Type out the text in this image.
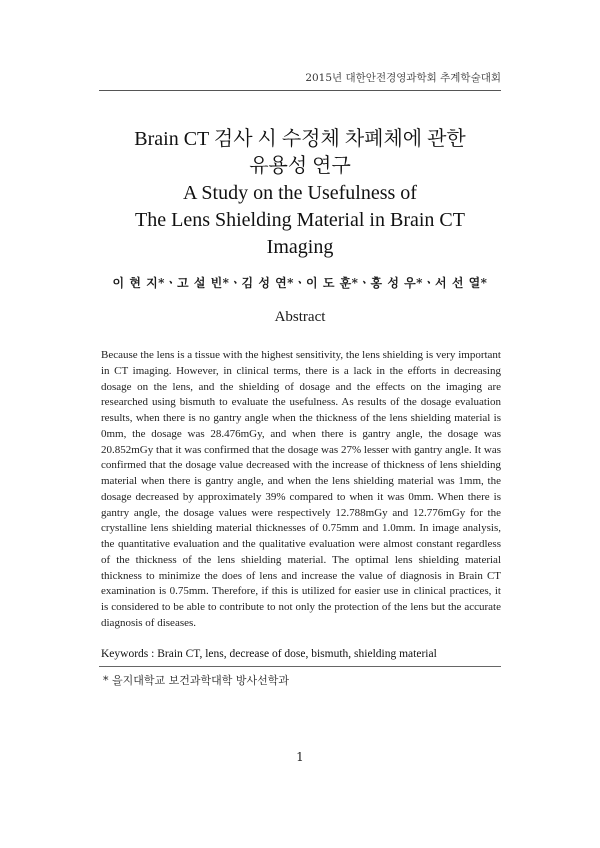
2015년 대한안전경영과학회 추계학술대회
Brain CT 검사 시 수정체 차폐체에 관한
유용성 연구
A Study on the Usefulness of
The Lens Shielding Material in Brain CT
Imaging
이 현 지*ㆍ고 설 빈*ㆍ김 성 연*ㆍ이 도 훈*ㆍ홍 성 우*ㆍ서 선 열*
Abstract
Because the lens is a tissue with the highest sensitivity, the lens shielding is very important in CT imaging. However, in clinical terms, there is a lack in the efforts in decreasing dosage on the lens, and the shielding of dosage and the effects on the imaging are researched using bismuth to evaluate the usefulness. As results of the dosage evaluation results, when there is no gantry angle when the thickness of the lens shielding material is 0mm, the dosage was 28.476mGy, and when there is gantry angle, the dosage was 20.852mGy that it was confirmed that the dosage was 27% lesser with gantry angle. It was confirmed that the dosage value decreased with the increase of thickness of lens shielding material when there is gantry angle, and when the lens shielding material was 1mm, the dosage decreased by approximately 39% compared to when it was 0mm. When there is gantry angle, the dosage values were respectively 12.788mGy and 12.776mGy for the crystalline lens shielding material thicknesses of 0.75mm and 1.0mm. In image analysis, the quantitative evaluation and the qualitative evaluation were almost constant regardless of the thickness of the lens shielding material. The optimal lens shielding material thickness to minimize the does of lens and increase the value of diagnosis in Brain CT examination is 0.75mm. Therefore, if this is utilized for easier use in clinical practices, it is considered to be able to contribute to not only the protection of the lens but the accurate diagnosis of diseases.
Keywords : Brain CT, lens, decrease of dose, bismuth, shielding material
* 을지대학교 보건과학대학 방사선학과
1
